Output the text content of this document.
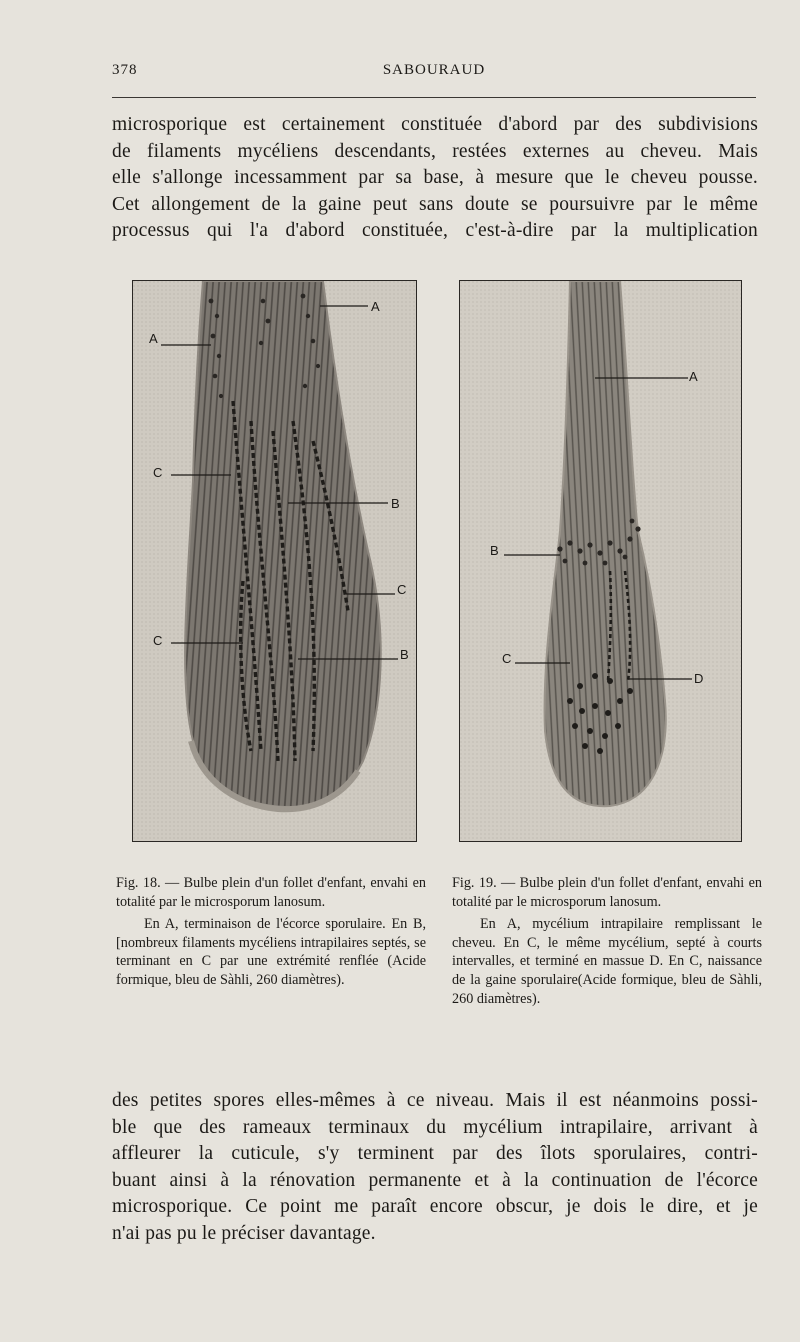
378	SABOURAUD
microsporique est certainement constituée d'abord par des subdivisions
de filaments mycéliens descendants, restées externes au cheveu. Mais
elle s'allonge incessamment par sa base, à mesure que le cheveu pousse.
Cet allongement de la gaine peut sans doute se poursuivre par le même
processus qui l'a d'abord constituée, c'est-à-dire par la multiplication
A
A
C
B
C
C
B
A
B
C
D

Fig. 18. — Bulbe plein d'un follet d'enfant, envahi en totalité par le microsporum lanosum.

En A, terminaison de l'écorce sporulaire. En B, [nombreux filaments mycéliens intrapilaires septés, se terminant en C par une extrémité renflée (Acide formique, bleu de Sàhli, 260 diamètres).

Fig. 19. — Bulbe plein d'un follet d'enfant, envahi en totalité par le microsporum lanosum.

En A, mycélium intrapilaire remplissant le cheveu. En C, le même mycélium, septé à courts intervalles, et terminé en massue D. En C, naissance de la gaine sporulaire(Acide formique, bleu de Sàhli, 260 diamètres).

des petites spores elles-mêmes à ce niveau. Mais il est néanmoins possi-
ble que des rameaux terminaux du mycélium intrapilaire, arrivant à
affleurer la cuticule, s'y terminent par des îlots sporulaires, contri-
buant ainsi à la rénovation permanente et à la continuation de l'écorce
microsporique. Ce point me paraît encore obscur, je dois le dire, et je
n'ai pas pu le préciser davantage.
